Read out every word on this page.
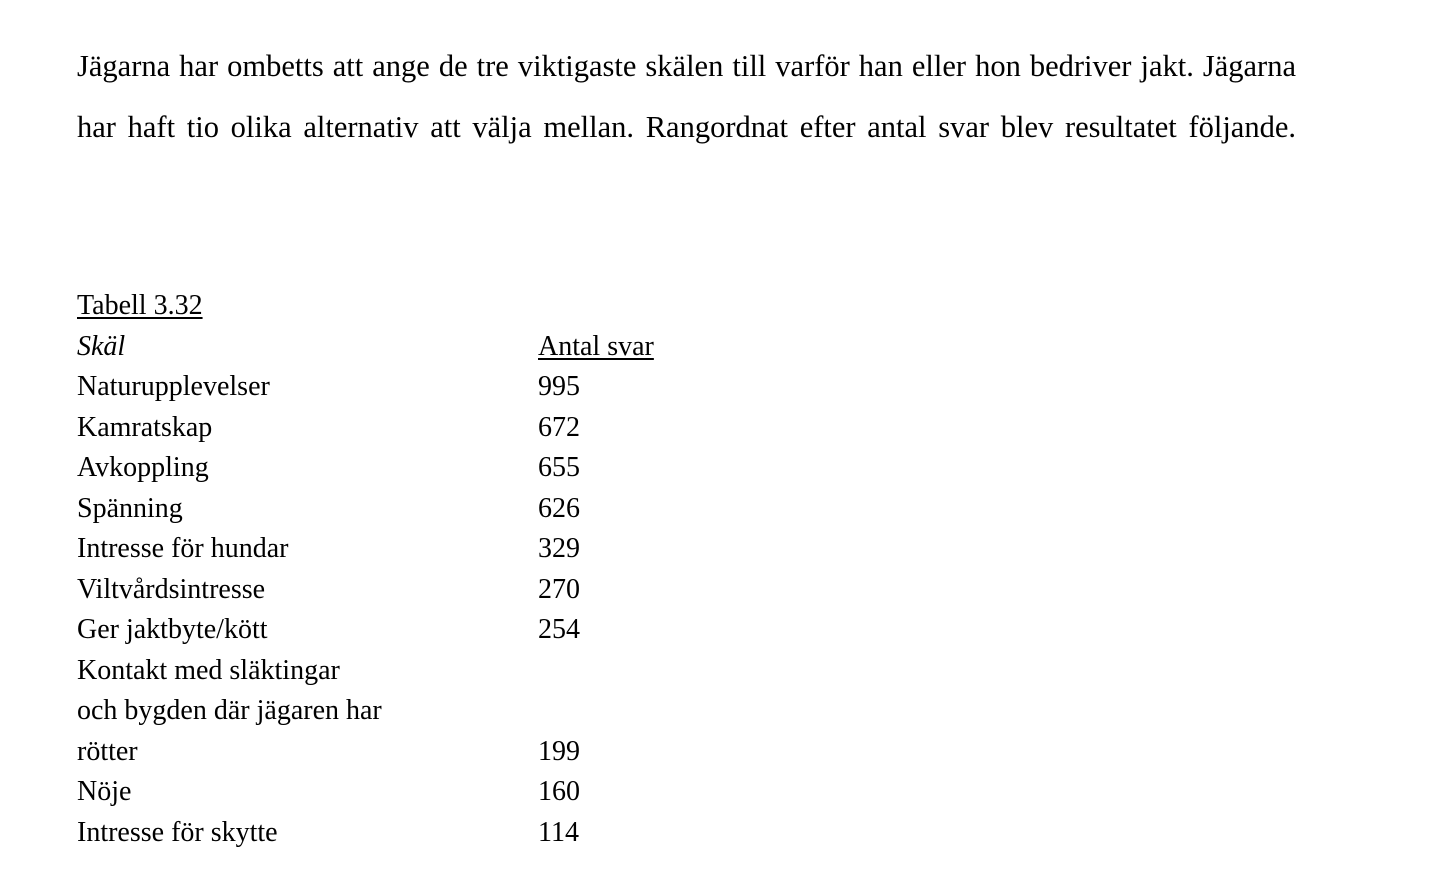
Jägarna har ombetts att ange de tre viktigaste skälen till varför han eller hon bedriver jakt. Jägarna har haft tio olika alternativ att välja mellan. Rangordnat efter antal svar blev resultatet följande.

Tabell 3.32
Skäl	Antal svar
Naturupplevelser	995
Kamratskap	672
Avkoppling	655
Spänning	626
Intresse för hundar	329
Viltvårdsintresse	270
Ger jaktbyte/kött	254

Kontakt med släktingar
och bygden där jägaren har
rötter	199
Nöje	160
Intresse för skytte	114
